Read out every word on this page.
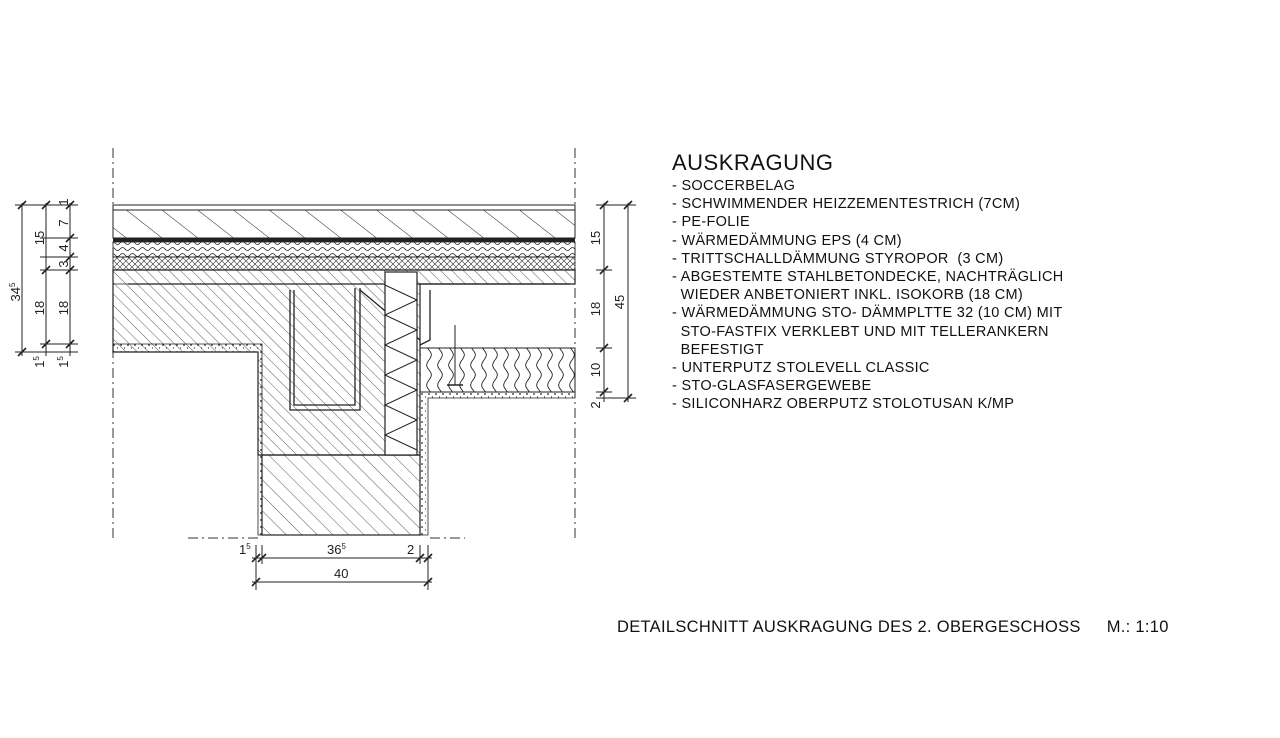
$34^5$
15
18
$1^5$
1
7
4
3
18
$1^5$
15
18
10
2
45
$1^5$	$36^5$	2
40
AUSKRAGUNG
- SOCCERBELAG
- SCHWIMMENDER HEIZZEMENTESTRICH (7CM)
- PE-FOLIE
- WÄRMEDÄMMUNG EPS (4 CM)
- TRITTSCHALLDÄMMUNG STYROPOR  (3 CM)
- ABGESTEMTE STAHLBETONDECKE, NACHTRÄGLICH
WIEDER ANBETONIERT INKL. ISOKORB (18 CM)
- WÄRMEDÄMMUNG STO- DÄMMPLTTE 32 (10 CM) MIT
STO-FASTFIX VERKLEBT UND MIT TELLERANKERN
BEFESTIGT
- UNTERPUTZ STOLEVELL CLASSIC
- STO-GLASFASERGEWEBE
- SILICONHARZ OBERPUTZ STOLOTUSAN K/MP
DETAILSCHNITT AUSKRAGUNG DES 2. OBERGESCHOSS M.: 1:10
